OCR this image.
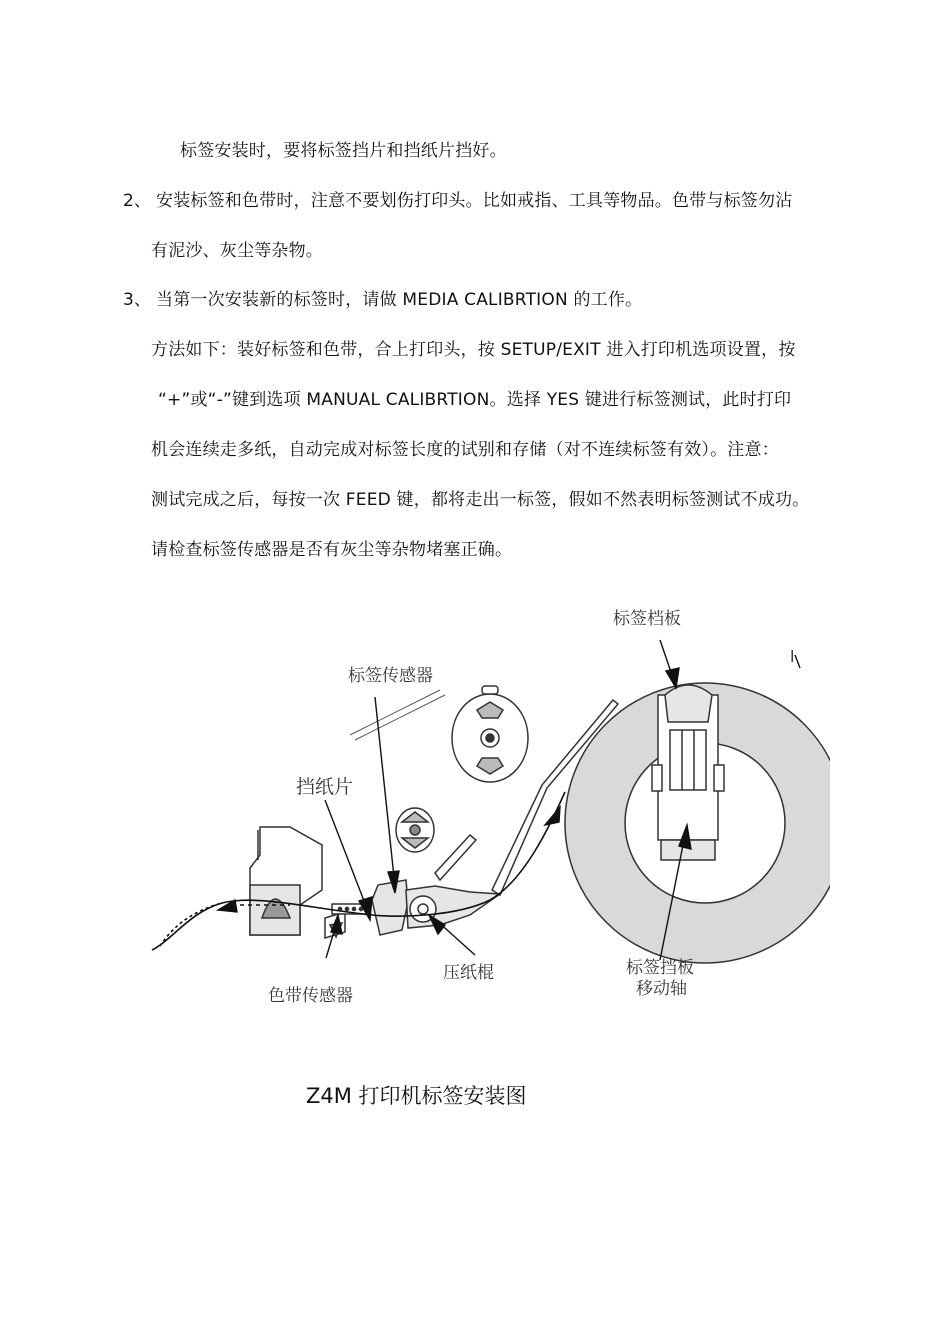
标签安装时，要将标签挡片和挡纸片挡好。
2、 安装标签和色带时，注意不要划伤打印头。比如戒指、工具等物品。色带与标签勿沾
有泥沙、灰尘等杂物。
3、 当第一次安装新的标签时，请做 MEDIA CALIBRTION 的工作。
方法如下：装好标签和色带，合上打印头，按 SETUP/EXIT 进入打印机选项设置，按
“+”或“-”键到选项 MANUAL CALIBRTION。选择 YES 键进行标签测试，此时打印
机会连续走多纸，自动完成对标签长度的试别和存储（对不连续标签有效）。注意：
测试完成之后，每按一次 FEED 键，都将走出一标签，假如不然表明标签测试不成功。
请检查标签传感器是否有灰尘等杂物堵塞正确。
标签档板
标签传感器
挡纸片
色带传感器
压纸棍	标签挡板
移动轴
l
Z4M 打印机标签安装图
